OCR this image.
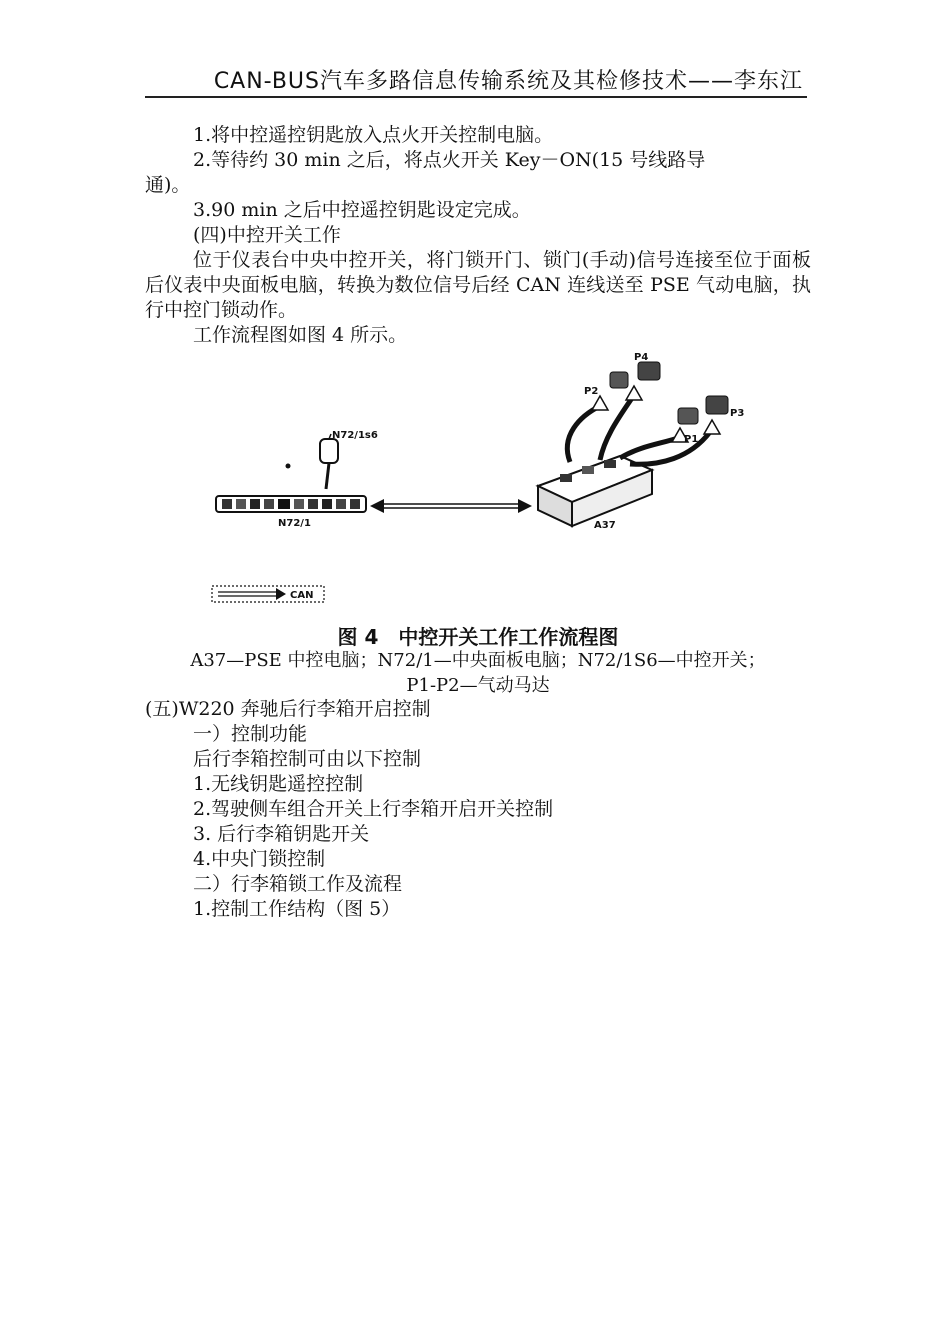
CAN-BUS汽车多路信息传输系统及其检修技术——李东江
1.将中控遥控钥匙放入点火开关控制电脑。
2.等待约 30 min 之后，将点火开关 Key－ON(15 号线路导
通)。
3.90 min 之后中控遥控钥匙设定完成。
(四)中控开关工作
位于仪表台中央中控开关，将门锁开门、锁门(手动)信号连接至位于面板后仪表中央面板电脑，转换为数位信号后经 CAN 连线送至 PSE 气动电脑，执行中控门锁动作。
工作流程图如图 4 所示。
N72/1s6
N72/1	A37
P2
P4
P1
P3
CAN
图 4　中控开关工作工作流程图
A37—PSE 中控电脑；N72/1—中央面板电脑；N72/1S6—中控开关；
P1-P2—气动马达
(五)W220 奔驰后行李箱开启控制
一）控制功能
后行李箱控制可由以下控制
1.无线钥匙遥控控制
2.驾驶侧车组合开关上行李箱开启开关控制
3. 后行李箱钥匙开关
4.中央门锁控制
二）行李箱锁工作及流程
1.控制工作结构（图 5）
